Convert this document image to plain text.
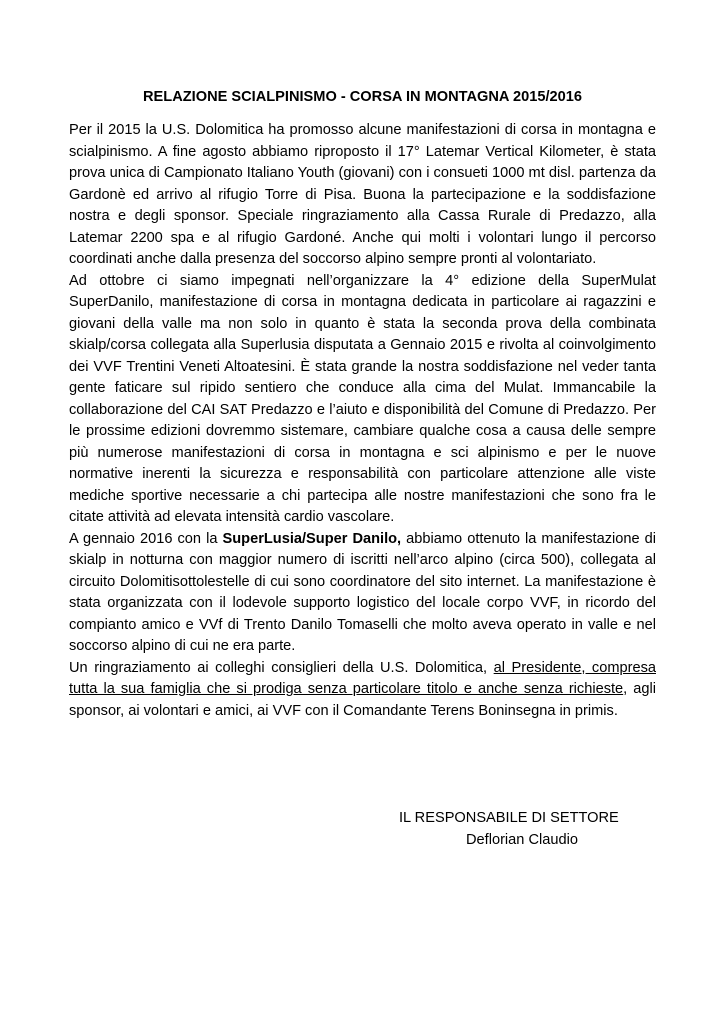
RELAZIONE SCIALPINISMO - CORSA IN MONTAGNA 2015/2016

Per il 2015 la U.S. Dolomitica ha promosso alcune manifestazioni di corsa in montagna e scialpinismo. A fine agosto abbiamo riproposto il 17° Latemar Vertical Kilometer, è stata prova unica di Campionato Italiano Youth (giovani) con i consueti 1000 mt disl. partenza da Gardonè ed arrivo al rifugio Torre di Pisa. Buona la partecipazione e la soddisfazione nostra e degli sponsor. Speciale ringraziamento alla Cassa Rurale di Predazzo, alla Latemar 2200 spa e al rifugio Gardoné. Anche qui molti i volontari lungo il percorso coordinati anche dalla presenza del soccorso alpino sempre pronti al volontariato.

Ad ottobre ci siamo impegnati nell’organizzare la 4° edizione della SuperMulat SuperDanilo, manifestazione di corsa in montagna dedicata in particolare ai ragazzini e giovani della valle ma non solo in quanto è stata la seconda prova della combinata skialp/corsa collegata alla Superlusia disputata a Gennaio 2015 e rivolta al coinvolgimento dei VVF Trentini Veneti Altoatesini. È stata grande la nostra soddisfazione nel veder tanta gente faticare sul ripido sentiero che conduce alla cima del Mulat. Immancabile la collaborazione del CAI SAT Predazzo e l’aiuto e disponibilità del Comune di Predazzo. Per le prossime edizioni dovremmo sistemare, cambiare qualche cosa a causa delle sempre più numerose manifestazioni di corsa in montagna e sci alpinismo e per le nuove normative inerenti la sicurezza e responsabilità con particolare attenzione alle viste mediche sportive necessarie a chi partecipa alle nostre manifestazioni che sono fra le citate attività ad elevata intensità cardio vascolare.

A gennaio 2016 con la SuperLusia/Super Danilo, abbiamo ottenuto la manifestazione di skialp in notturna con maggior numero di iscritti nell’arco alpino (circa 500), collegata al circuito Dolomitisottolestelle di cui sono coordinatore del sito internet. La manifestazione è stata organizzata con il lodevole supporto logistico del locale corpo VVF, in ricordo del compianto amico e VVf di Trento Danilo Tomaselli che molto aveva operato in valle e nel soccorso alpino di cui ne era parte.

Un ringraziamento ai colleghi consiglieri della U.S. Dolomitica, al Presidente, compresa tutta la sua famiglia che si prodiga senza particolare titolo e anche senza richieste, agli sponsor, ai volontari e amici, ai VVF con il Comandante Terens Boninsegna in primis.

IL RESPONSABILE DI SETTORE
Deflorian Claudio
